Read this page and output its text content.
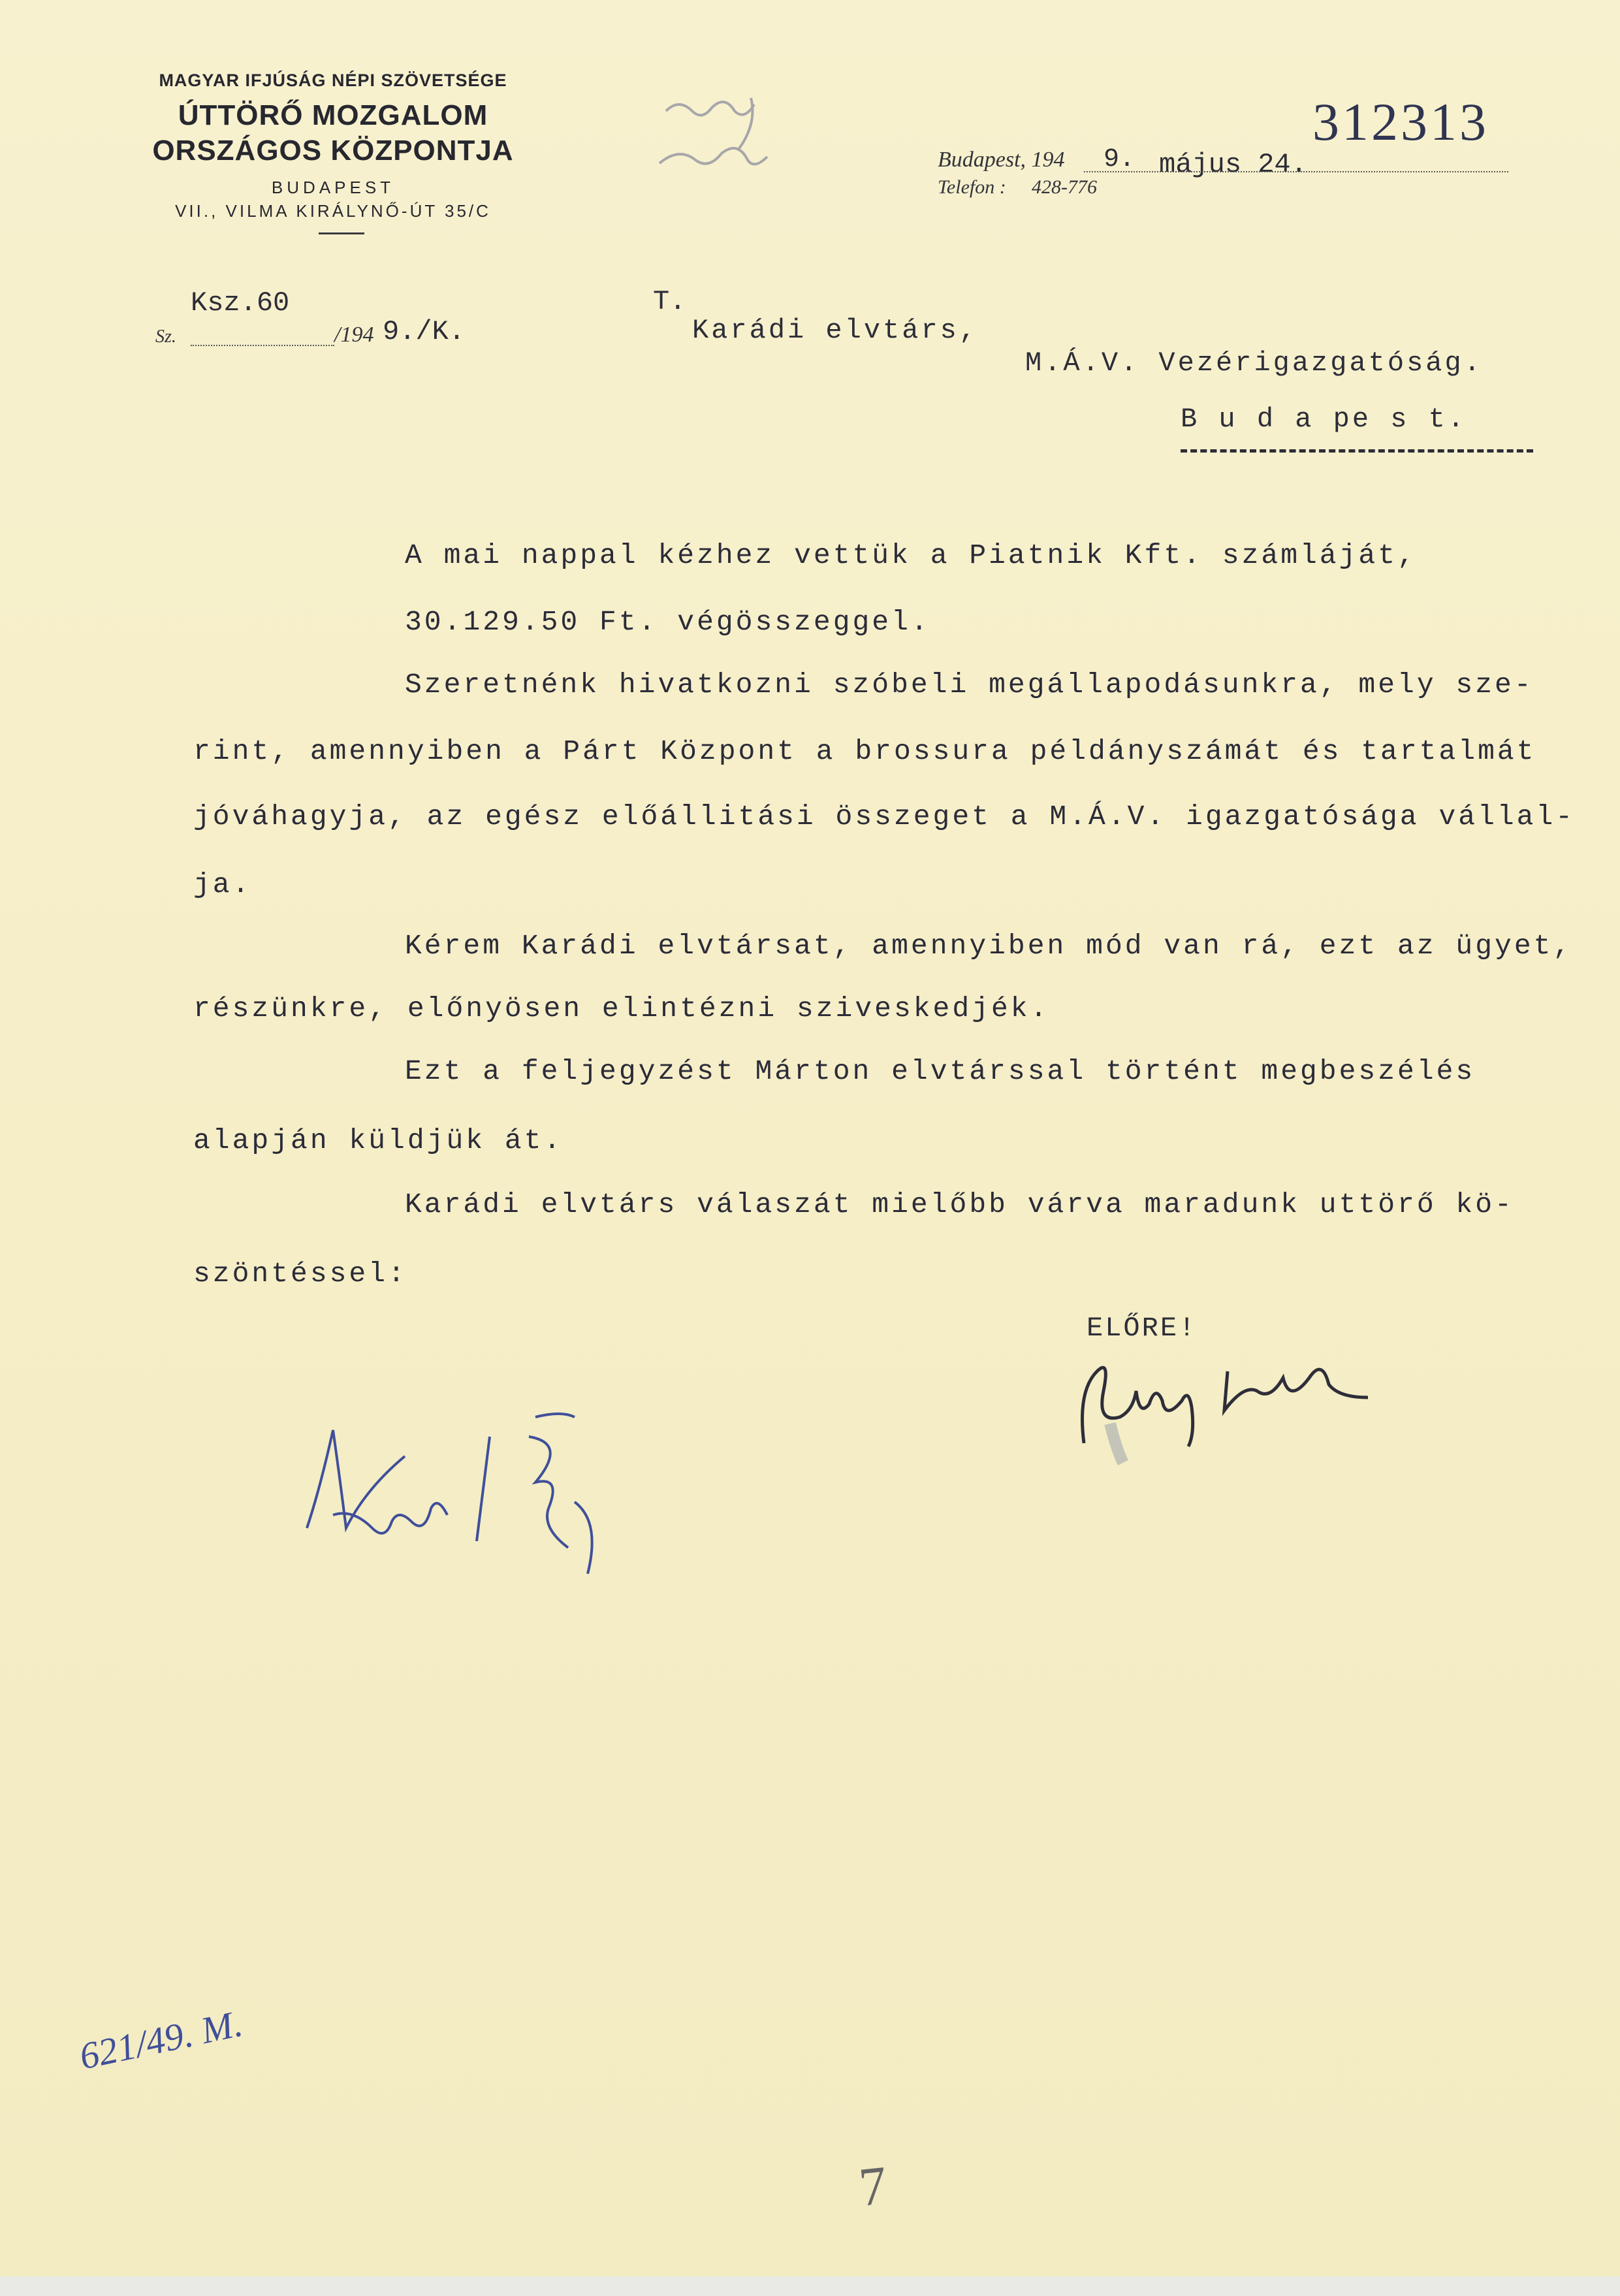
MAGYAR IFJÚSÁG NÉPI SZÖVETSÉGE
ÚTTÖRŐ MOZGALOM
ORSZÁGOS KÖZPONTJA
BUDAPEST
VII., VILMA KIRÁLYNŐ-ÚT 35/C
Budapest, 194 9. május 24.
Telefon : 428-776
312313
Ksz.60
Sz.	/194 9./K.
T.
Karádi elvtárs,
M.Á.V. Vezérigazgatóság.
B u d a pe s t.
A mai nappal kézhez vettük a Piatnik Kft. számláját,
30.129.50 Ft. végösszeggel.
Szeretnénk hivatkozni szóbeli megállapodásunkra, mely sze-
rint, amennyiben a Párt Központ a brossura példányszámát és tartalmát
jóváhagyja, az egész előállitási összeget a M.Á.V. igazgatósága vállal-
ja.
Kérem Karádi elvtársat, amennyiben mód van rá, ezt az ügyet,
részünkre, előnyösen elintézni sziveskedjék.
Ezt a feljegyzést Márton elvtárssal történt megbeszélés
alapján küldjük át.
Karádi elvtárs válaszát mielőbb várva maradunk uttörő kö-
szöntéssel:
ELŐRE!
621/49. M.
7
